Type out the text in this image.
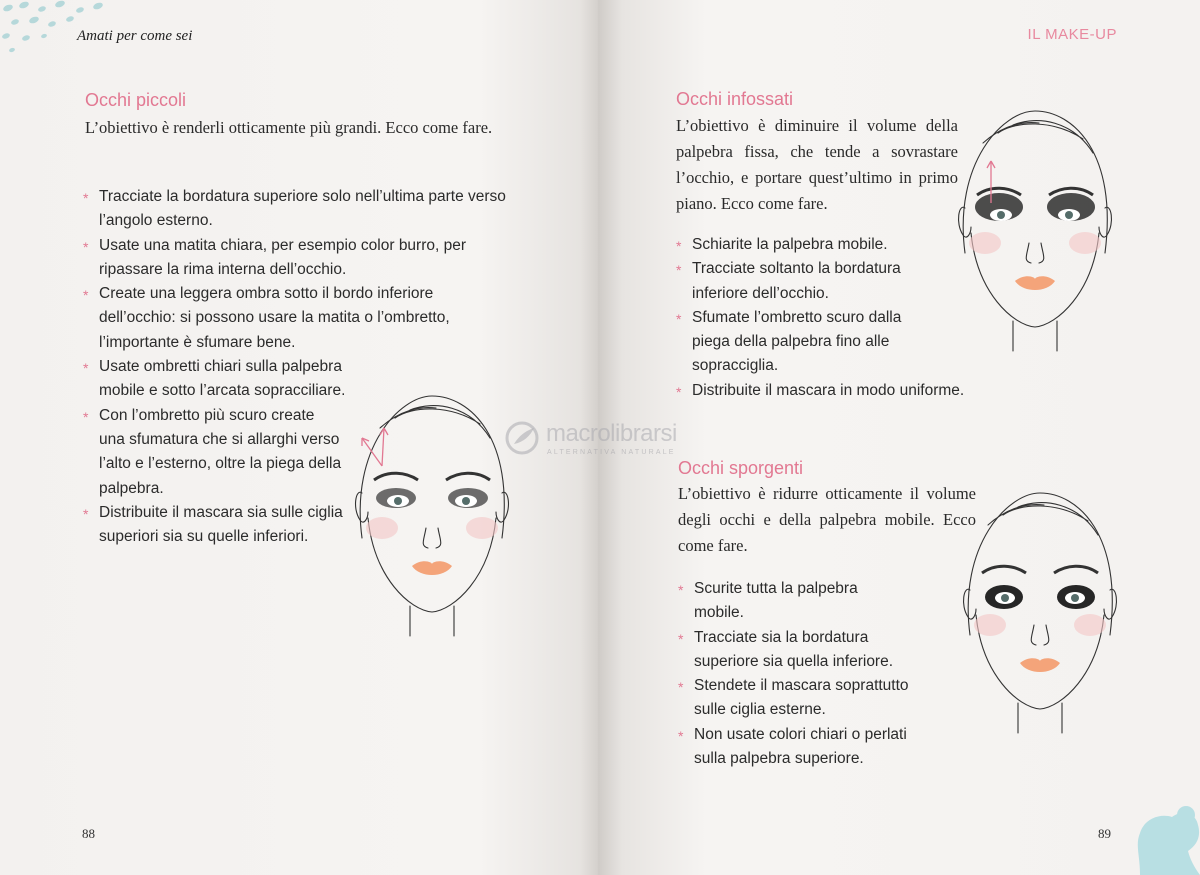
Amati per come sei
Occhi piccoli
L’obiettivo è renderli otticamente più grandi. Ecco come fare.
* Tracciate la bordatura superiore solo nell’ultima parte verso l’angolo esterno.
* Usate una matita chiara, per esempio color burro, per ripassare la rima interna dell’occhio.
* Create una leggera ombra sotto il bordo inferiore dell’occhio: si possono usare la matita o l’ombretto, l’importante è sfumare bene.
* Usate ombretti chiari sulla palpebra mobile e sotto l’arcata sopracciliare.
* Con l’ombretto più scuro create una sfumatura che si allarghi verso l’alto e l’esterno, oltre la piega della palpebra.
* Distribuite il mascara sia sulle ciglia superiori sia su quelle inferiori.
88
IL MAKE-UP
Occhi infossati
L’obiettivo è diminuire il volume della palpebra fissa, che tende a sovrastare l’occhio, e portare quest’ultimo in primo piano. Ecco come fare.
* Schiarite la palpebra mobile.
* Tracciate soltanto la bordatura inferiore dell’occhio.
* Sfumate l’ombretto scuro dalla piega della palpebra fino alle sopracciglia.
* Distribuite il mascara in modo uniforme.
Occhi sporgenti
L’obiettivo è ridurre otticamente il volume degli occhi e della palpebra mobile. Ecco come fare.
* Scurite tutta la palpebra mobile.
* Tracciate sia la bordatura superiore sia quella inferiore.
* Stendete il mascara soprattutto sulle ciglia esterne.
* Non usate colori chiari o perlati sulla palpebra superiore.
89
macrolibrarsi
ALTERNATIVA NATURALE
